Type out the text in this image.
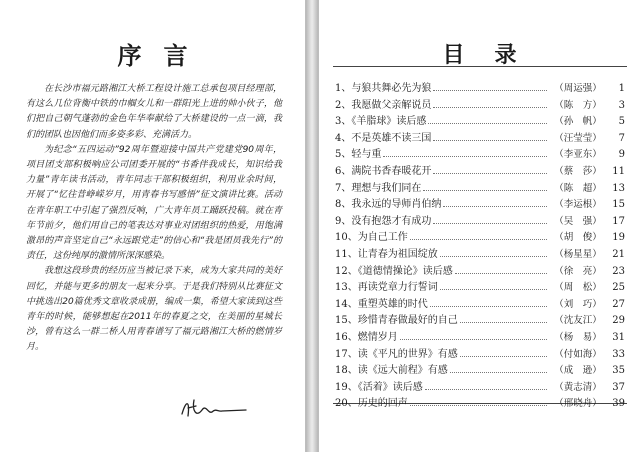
序言

在长沙市福元路湘江大桥工程设计施工总承包项目经理部，有这么几位背衡中铁的巾帼女儿和一群阳光上进的帅小伙子，他们把自己朝气蓬勃的金色年华奉献给了大桥建设的一点一滴，我们的团队也因他们而多姿多彩、充满活力。

为纪念“五四运动”92周年暨迎接中国共产党建党90周年，项目团支部积极响应公司团委开展的“书香伴我成长，知识给我力量”青年读书活动，青年同志干部积极组织，利用业余时间，开展了“忆往昔峥嵘岁月，用青春书写感悟”征文演讲比赛。活动在青年职工中引起了强烈反响，广大青年员工踊跃投稿。就在青年节前夕，他们用自己的笔表达对事业对团组织的热爱，用饱满激昂的声音坚定自己“永远跟党走”的信心和“我是团员我先行”的责任，这份纯厚的激情所深深感染。

我想这段珍贵的经历应当被记录下来，成为大家共同的美好回忆，并能与更多的朋友一起来分享。于是我们特别从比赛征文中挑选出20篇优秀文章收录成册，编成一集，希望大家读到这些青年的时候，能够想起在2011年的春夏之交，在美丽的星城长沙，曾有这么一群二桥人用青春谱写了福元路湘江大桥的燃情岁月。

目录
1、与狼共舞必先为狼	（周运强）	1
2、我愿做父亲解说员	（陈　方）	3
3、《羊脂球》读后感	（孙　帆）	5
4、不是英雄不读三国	（汪莹莹）	7
5、轻与重	（李亚东）	9
6、满院书香春暖花开	（蔡　莎）	11
7、理想与我们同在	（陈　超）	13
8、我永远的导师肖伯纳	（李运根）	15
9、没有抱怨才有成功	（吴　强）	17
10、为自己工作	（胡　俊）	19
11、让青春为祖国绽放	（杨星星）	21
12、《道德情操论》读后感	（徐　亮）	23
13、再读党章力行誓词	（周　松）	25
14、重塑英雄的时代	（刘　巧）	27
15、珍惜青春做最好的自己	（沈友江）	29
16、燃情岁月	（杨　易）	31
17、读《平凡的世界》有感	（付如海）	33
18、读《远大前程》有感	（成　逊）	35
19、《活着》读后感	（黄志清）	37
20、历史的回声	（邢晓舟）	39
